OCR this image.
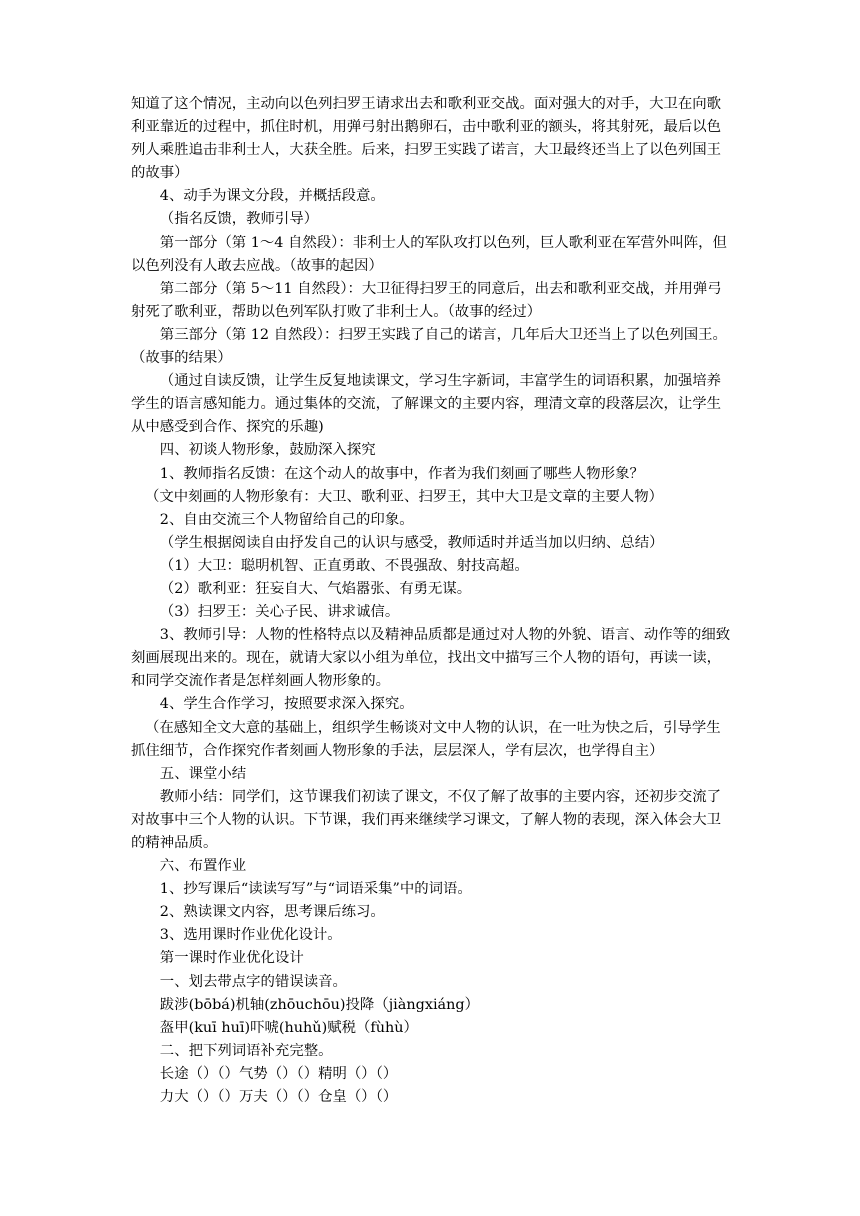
知道了这个情况，主动向以色列扫罗王请求出去和歌利亚交战。面对强大的对手，大卫在向歌利亚靠近的过程中，抓住时机，用弹弓射出鹅卵石，击中歌利亚的额头，将其射死，最后以色列人乘胜追击非利士人，大获全胜。后来，扫罗王实践了诺言，大卫最终还当上了以色列国王的故事）

4、动手为课文分段，并概括段意。

（指名反馈，教师引导）

第一部分（第 1～4 自然段）：非利士人的军队攻打以色列，巨人歌利亚在军营外叫阵，但以色列没有人敢去应战。（故事的起因）

第二部分（第 5～11 自然段）：大卫征得扫罗王的同意后，出去和歌利亚交战，并用弹弓射死了歌利亚，帮助以色列军队打败了非利士人。（故事的经过）

第三部分（第 12 自然段）：扫罗王实践了自己的诺言，几年后大卫还当上了以色列国王。（故事的结果）

（通过自读反馈，让学生反复地读课文，学习生字新词，丰富学生的词语积累，加强培养学生的语言感知能力。通过集体的交流，了解课文的主要内容，理清文章的段落层次，让学生从中感受到合作、探究的乐趣)

四、初谈人物形象，鼓励深入探究

1、教师指名反馈：在这个动人的故事中，作者为我们刻画了哪些人物形象？

（文中刻画的人物形象有：大卫、歌利亚、扫罗王，其中大卫是文章的主要人物）

2、自由交流三个人物留给自己的印象。

（学生根据阅读自由抒发自己的认识与感受，教师适时并适当加以归纳、总结）

（1）大卫：聪明机智、正直勇敢、不畏强敌、射技高超。

（2）歌利亚：狂妄自大、气焰嚣张、有勇无谋。

（3）扫罗王：关心子民、讲求诚信。

3、教师引导：人物的性格特点以及精神品质都是通过对人物的外貌、语言、动作等的细致刻画展现出来的。现在，就请大家以小组为单位，找出文中描写三个人物的语句，再读一读，和同学交流作者是怎样刻画人物形象的。

4、学生合作学习，按照要求深入探究。

（在感知全文大意的基础上，组织学生畅谈对文中人物的认识，在一吐为快之后，引导学生抓住细节，合作探究作者刻画人物形象的手法，层层深人，学有层次，也学得自主）

五、课堂小结

教师小结：同学们，这节课我们初读了课文，不仅了解了故事的主要内容，还初步交流了对故事中三个人物的认识。下节课，我们再来继续学习课文，了解人物的表现，深入体会大卫的精神品质。

六、布置作业

1、抄写课后“读读写写”与“词语采集”中的词语。

2、熟读课文内容，思考课后练习。

3、选用课时作业优化设计。

第一课时作业优化设计

一、划去带点字的错误读音。

跋涉(bōbá)机轴(zhōuchōu)投降（jiàngxiáng）

盔甲(kuī huī)吓唬(huhǔ)赋税（fùhù）

二、把下列词语补充完整。

长途（）（）气势（）（）精明（）（）

力大（）（）万夫（）（）仓皇（）（）
